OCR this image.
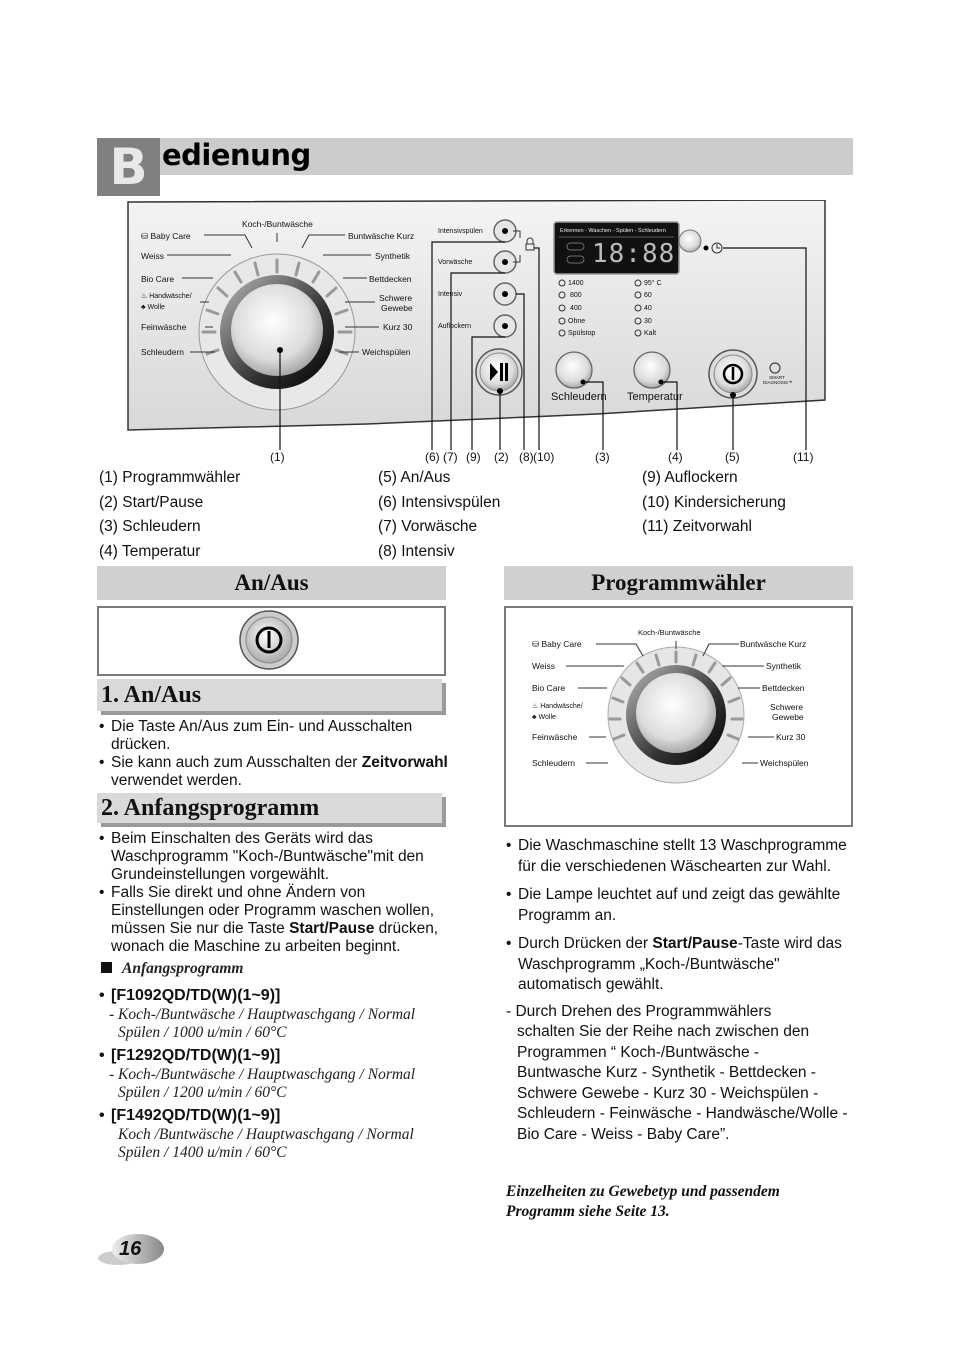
B edienung
Koch-/Buntwäsche
⛁ Baby Care
Weiss
Bio Care
♨ Handwäsche/
♣ Wolle
Feinwäsche
Schleudern
Buntwäsche Kurz
Synthetik
Bettdecken
Schwere
Gewebe
Kurz 30
Weichspülen
Intensivspülen
Vorwäsche
Intensiv
Auflockern
Erkennen - Waschen - Spülen - Schleudern
18:88
1400
800
400
Ohne
Spülstop
95° C
60
40
30
Kalt
Schleudern Temperatur
SMART DIAGNOSIS™
(1)	(6) (7) (9) (2) (8) (10)	(3)	(4)	(5)	(11)
(1) Programmwähler
(2) Start/Pause
(3) Schleudern
(4) Temperatur
(5) An/Aus
(6) Intensivspülen
(7) Vorwäsche
(8) Intensiv
(9) Auflockern
(10) Kindersicherung
(11) Zeitvorwahl
An/Aus
1. An/Aus
• Die Taste An/Aus zum Ein- und Ausschalten drücken.
• Sie kann auch zum Ausschalten der Zeitvorwahl verwendet werden.
2. Anfangsprogramm
• Beim Einschalten des Geräts wird das Waschprogramm "Koch-/Buntwäsche"mit den Grundeinstellungen vorgewählt.
• Falls Sie direkt und ohne Ändern von Einstellungen oder Programm waschen wollen, müssen Sie nur die Taste Start/Pause drücken, wonach die Maschine zu arbeiten beginnt.
Anfangsprogramm
• [F1092QD/TD(W)(1~9)]
- Koch-/Buntwäsche / Hauptwaschgang / Normal
Spülen / 1000 u/min / 60°C
• [F1292QD/TD(W)(1~9)]
- Koch-/Buntwäsche / Hauptwaschgang / Normal
Spülen / 1200 u/min / 60°C
• [F1492QD/TD(W)(1~9)]
Koch /Buntwäsche / Hauptwaschgang / Normal
Spülen / 1400 u/min / 60°C
Programmwähler
Koch-/Buntwäsche
⛁ Baby Care
Weiss
Bio Care
♨ Handwäsche/
♣ Wolle
Feinwäsche
Schleudern
Buntwäsche Kurz
Synthetik
Bettdecken
Schwere
Gewebe
Kurz 30
Weichspülen
• Die Waschmaschine stellt 13 Waschprogramme für die verschiedenen Wäschearten zur Wahl.
• Die Lampe leuchtet auf und zeigt das gewählte Programm an.
• Durch Drücken der Start/Pause-Taste wird das Waschprogramm „Koch-/Buntwäsche" automatisch gewählt.
- Durch Drehen des Programmwählers
schalten Sie der Reihe nach zwischen den
Programmen “ Koch-/Buntwäsche -
Buntwasche Kurz - Synthetik - Bettdecken -
Schwere Gewebe - Kurz 30 - Weichspülen -
Schleudern - Feinwäsche - Handwäsche/Wolle -
Bio Care - Weiss - Baby Care”.
Einzelheiten zu Gewebetyp und passendem
Programm siehe Seite 13.
16
